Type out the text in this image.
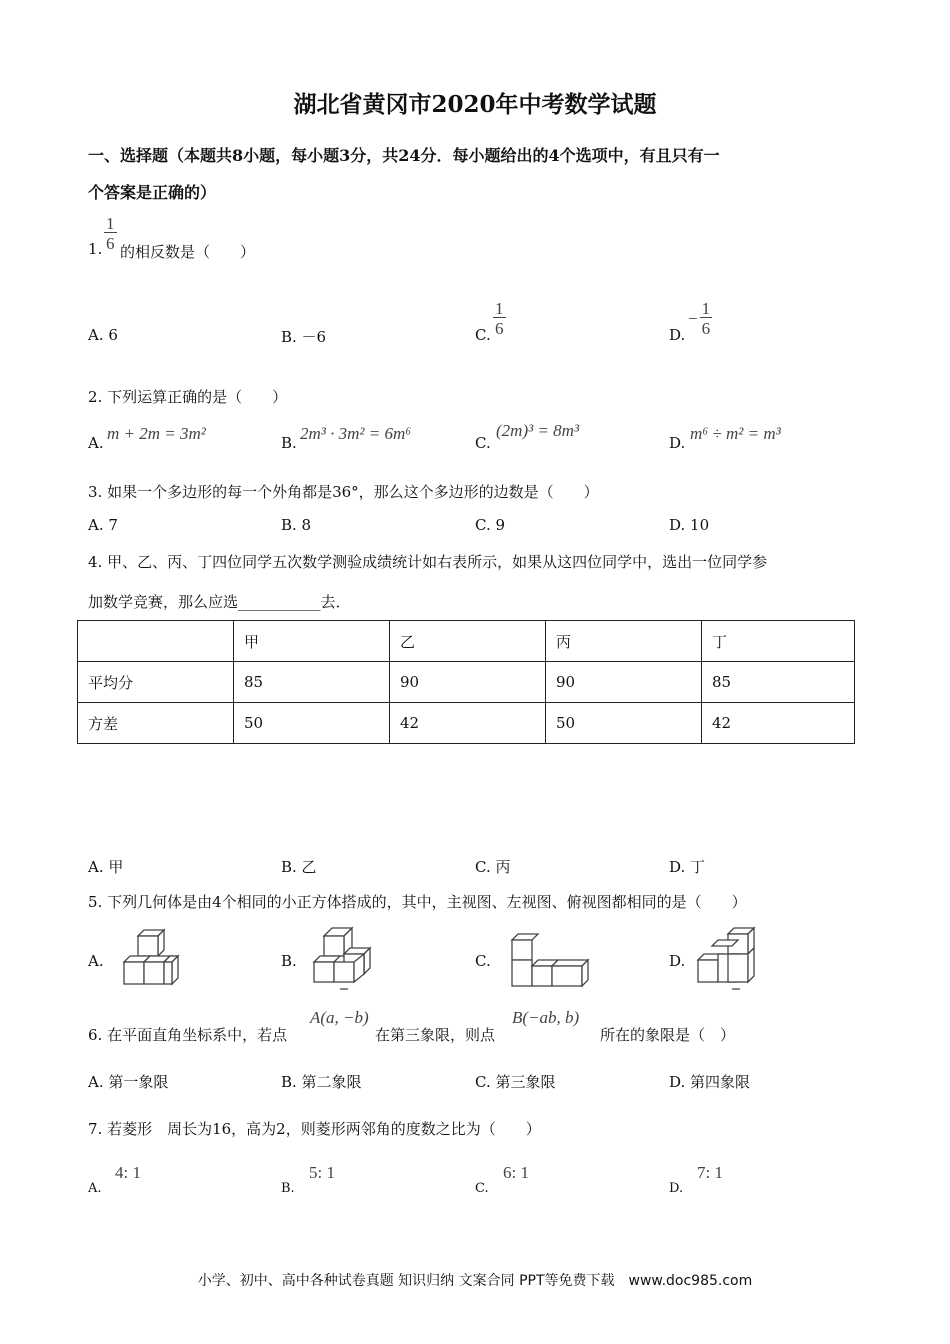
湖北省黄冈市2020年中考数学试题
一、选择题（本题共8小题，每小题3分，共24分．每小题给出的4个选项中，有且只有一
个答案是正确的）
1. $\frac{1}{6}$ 的相反数是（　　）
A. 6	B. －6	C. $\frac{1}{6}$	D.
− $\frac{1}{6}$
2. 下列运算正确的是（　　）
A. m + 2m = 3m²	B. 2m³ · 3m² = 6m⁶	C.
(2m)³ = 8m³
D. m⁶ ÷ m² = m³
3. 如果一个多边形的每一个外角都是36°，那么这个多边形的边数是（　　）
A. 7	B. 8	C. 9	D. 10
4. 甲、乙、丙、丁四位同学五次数学测验成绩统计如右表所示，如果从这四位同学中，选出一位同学参
加数学竞赛，那么应选___________去．
	甲	乙	丙	丁
平均分	85	90	90	85
方差	50	42	50	42
A. 甲	B. 乙	C. 丙	D. 丁
5. 下列几何体是由4个相同的小正方体搭成的，其中，主视图、左视图、俯视图都相同的是（　　）
A.	B.	C.	D.
6. 在平面直角坐标系中，若点
A(a, −b)
在第三象限，则点
B(−ab, b)
所在的象限是（　）
A. 第一象限	B. 第二象限	C. 第三象限	D. 第四象限
7. 若菱形　周长为16，高为2，则菱形两邻角的度数之比为（　　）
A.
4: 1
B.
5: 1
C.
6: 1
D.
7: 1
小学、初中、高中各种试卷真题 知识归纳 文案合同 PPT等免费下载　www.doc985.com
